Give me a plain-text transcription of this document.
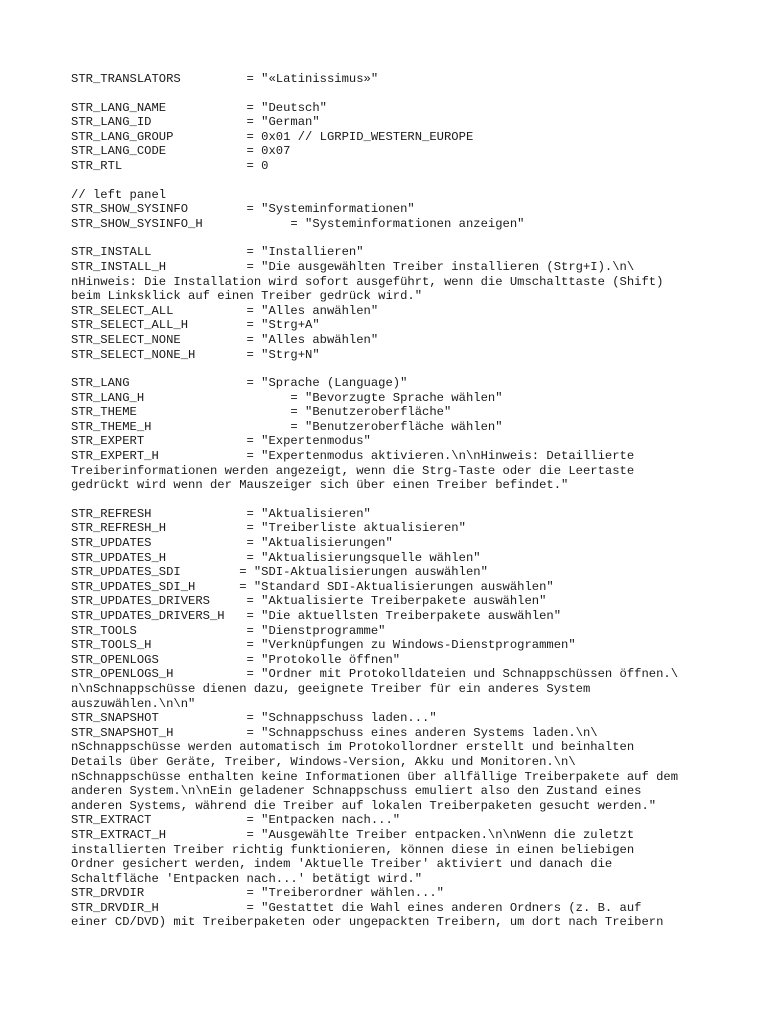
STR_TRANSLATORS         = "«Latinissimus»"
STR_LANG_NAME           = "Deutsch"
STR_LANG_ID             = "German"
STR_LANG_GROUP          = 0x01 // LGRPID_WESTERN_EUROPE
STR_LANG_CODE           = 0x07
STR_RTL                 = 0
// left panel
STR_SHOW_SYSINFO        = "Systeminformationen"
STR_SHOW_SYSINFO_H            = "Systeminformationen anzeigen"
STR_INSTALL             = "Installieren"
STR_INSTALL_H           = "Die ausgewählten Treiber installieren (Strg+I).\n\
nHinweis: Die Installation wird sofort ausgeführt, wenn die Umschalttaste (Shift)
beim Linksklick auf einen Treiber gedrück wird."
STR_SELECT_ALL          = "Alles anwählen"
STR_SELECT_ALL_H        = "Strg+A"
STR_SELECT_NONE         = "Alles abwählen"
STR_SELECT_NONE_H       = "Strg+N"
STR_LANG                = "Sprache (Language)"
STR_LANG_H                    = "Bevorzugte Sprache wählen"
STR_THEME                     = "Benutzeroberfläche"
STR_THEME_H                   = "Benutzeroberfläche wählen"
STR_EXPERT              = "Expertenmodus"
STR_EXPERT_H            = "Expertenmodus aktivieren.\n\nHinweis: Detaillierte
Treiberinformationen werden angezeigt, wenn die Strg-Taste oder die Leertaste
gedrückt wird wenn der Mauszeiger sich über einen Treiber befindet."
STR_REFRESH             = "Aktualisieren"
STR_REFRESH_H           = "Treiberliste aktualisieren"
STR_UPDATES             = "Aktualisierungen"
STR_UPDATES_H           = "Aktualisierungsquelle wählen"
STR_UPDATES_SDI        = "SDI-Aktualisierungen auswählen"
STR_UPDATES_SDI_H      = "Standard SDI-Aktualisierungen auswählen"
STR_UPDATES_DRIVERS     = "Aktualisierte Treiberpakete auswählen"
STR_UPDATES_DRIVERS_H   = "Die aktuellsten Treiberpakete auswählen"
STR_TOOLS               = "Dienstprogramme"
STR_TOOLS_H             = "Verknüpfungen zu Windows-Dienstprogrammen"
STR_OPENLOGS            = "Protokolle öffnen"
STR_OPENLOGS_H          = "Ordner mit Protokolldateien und Schnappschüssen öffnen.\
n\nSchnappschüsse dienen dazu, geeignete Treiber für ein anderes System
auszuwählen.\n\n"
STR_SNAPSHOT            = "Schnappschuss laden..."
STR_SNAPSHOT_H          = "Schnappschuss eines anderen Systems laden.\n\
nSchnappschüsse werden automatisch im Protokollordner erstellt und beinhalten
Details über Geräte, Treiber, Windows-Version, Akku und Monitoren.\n\
nSchnappschüsse enthalten keine Informationen über allfällige Treiberpakete auf dem
anderen System.\n\nEin geladener Schnappschuss emuliert also den Zustand eines
anderen Systems, während die Treiber auf lokalen Treiberpaketen gesucht werden."
STR_EXTRACT             = "Entpacken nach..."
STR_EXTRACT_H           = "Ausgewählte Treiber entpacken.\n\nWenn die zuletzt
installierten Treiber richtig funktionieren, können diese in einen beliebigen
Ordner gesichert werden, indem 'Aktuelle Treiber' aktiviert und danach die
Schaltfläche 'Entpacken nach...' betätigt wird."
STR_DRVDIR              = "Treiberordner wählen..."
STR_DRVDIR_H            = "Gestattet die Wahl eines anderen Ordners (z. B. auf
einer CD/DVD) mit Treiberpaketen oder ungepackten Treibern, um dort nach Treibern
